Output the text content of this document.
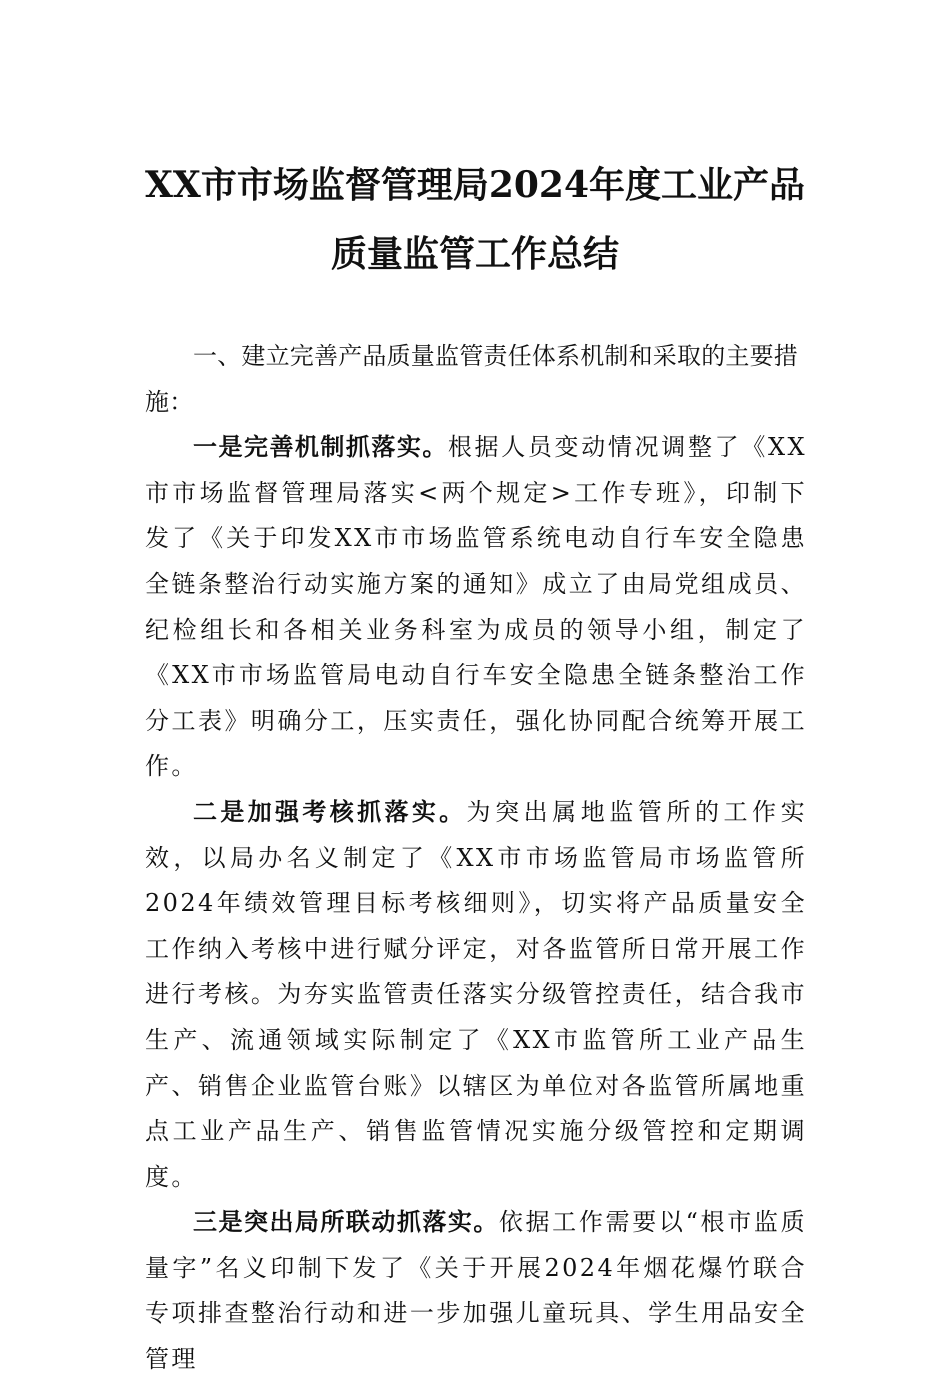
XX市市场监督管理局2024年度工业产品
质量监管工作总结

一、建立完善产品质量监管责任体系机制和采取的主要措施：

一是完善机制抓落实。根据人员变动情况调整了《XX市市场监督管理局落实<两个规定>工作专班》，印制下发了《关于印发XX市市场监管系统电动自行车安全隐患全链条整治行动实施方案的通知》成立了由局党组成员、纪检组长和各相关业务科室为成员的领导小组，制定了《XX市市场监管局电动自行车安全隐患全链条整治工作分工表》明确分工，压实责任，强化协同配合统筹开展工作。

二是加强考核抓落实。为突出属地监管所的工作实效，以局办名义制定了《XX市市场监管局市场监管所2024年绩效管理目标考核细则》，切实将产品质量安全工作纳入考核中进行赋分评定，对各监管所日常开展工作进行考核。为夯实监管责任落实分级管控责任，结合我市生产、流通领域实际制定了《XX市监管所工业产品生产、销售企业监管台账》以辖区为单位对各监管所属地重点工业产品生产、销售监管情况实施分级管控和定期调度。

三是突出局所联动抓落实。依据工作需要以“根市监质量字”名义印制下发了《关于开展2024年烟花爆竹联合专项排查整治行动和进一步加强儿童玩具、学生用品安全管理
